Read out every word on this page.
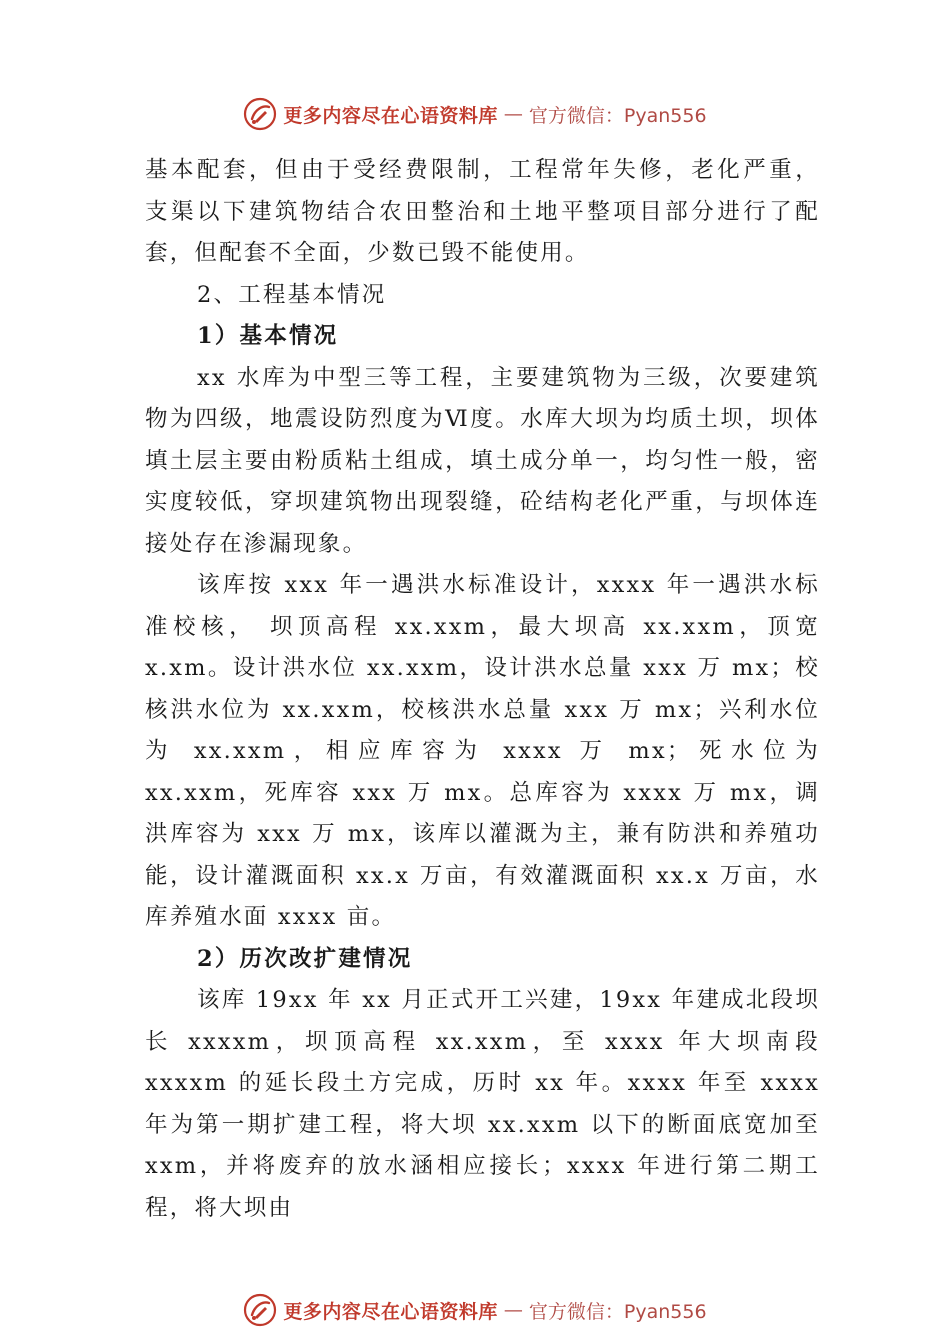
更多内容尽在心语资料库 — 官方微信：Pyan556

基本配套，但由于受经费限制，工程常年失修，老化严重， 支渠以下建筑物结合农田整治和土地平整项目部分进行了配套，但配套不全面，少数已毁不能使用。

2、工程基本情况

1）基本情况

xx 水库为中型三等工程，主要建筑物为三级，次要建筑物为四级，地震设防烈度为Ⅵ度。水库大坝为均质土坝，坝体填土层主要由粉质粘土组成，填土成分单一，均匀性一般，密实度较低，穿坝建筑物出现裂缝，砼结构老化严重，与坝体连接处存在渗漏现象。

该库按 xxx 年一遇洪水标准设计，xxxx 年一遇洪水标准校核， 坝顶高程 xx.xxm，最大坝高 xx.xxm，顶宽 x.xm。设计洪水位 xx.xxm，设计洪水总量 xxx 万 mx；校核洪水位为 xx.xxm，校核洪水总量 xxx 万 mx；兴利水位为 xx.xxm，相应库容为 xxxx 万 mx；死水位为 xx.xxm，死库容 xxx 万 mx。总库容为 xxxx 万 mx，调洪库容为 xxx 万 mx，该库以灌溉为主，兼有防洪和养殖功能，设计灌溉面积 xx.x 万亩，有效灌溉面积 xx.x 万亩，水库养殖水面 xxxx 亩。

2）历次改扩建情况

该库 19xx 年 xx 月正式开工兴建，19xx 年建成北段坝长 xxxxm，坝顶高程 xx.xxm，至 xxxx 年大坝南段 xxxxm 的延长段土方完成，历时 xx 年。xxxx 年至 xxxx 年为第一期扩建工程，将大坝 xx.xxm 以下的断面底宽加至 xxm，并将废弃的放水涵相应接长；xxxx 年进行第二期工程，将大坝由

更多内容尽在心语资料库 — 官方微信：Pyan556
